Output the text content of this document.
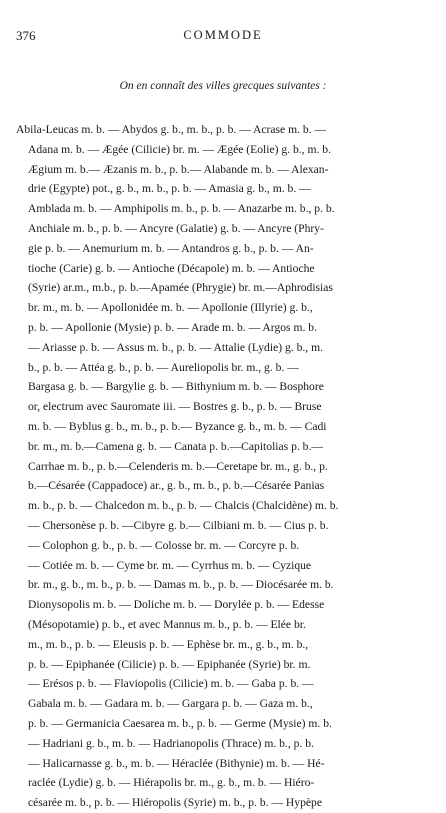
376	COMMODE
On en connaît des villes grecques suivantes :
Abila-Leucas m. b. — Abydos g. b., m. b., p. b. — Acrase m. b. —
Adana m. b. — Ægée (Cilicie) br. m. — Ægée (Eolie) g. b., m. b.
Ægium m. b.— Æzanis m. b., p. b.— Alabande m. b. — Alexan-
drie (Egypte) pot., g. b., m. b., p. b. — Amasia g. b., m. b. —
Amblada m. b. — Amphipolis m. b., p. b. — Anazarbe m. b., p. b.
Anchiale m. b., p. b. — Ancyre (Galatie) g. b. — Ancyre (Phry-
gie p. b. — Anemurium m. b. — Antandros g. b., p. b. — An-
tioche (Carie) g. b. — Antioche (Décapole) m. b. — Antioche
(Syrie) ar.m., m.b., p. b.—Apamée (Phrygie) br. m.—Aphrodisias
br. m., m. b. — Apollonidée m. b. — Apollonie (Illyrie) g. b.,
p. b. — Apollonie (Mysie) p. b. — Arade m. b. — Argos m. b.
— Ariasse p. b. — Assus m. b., p. b. — Attalie (Lydie) g. b., m.
b., p. b. — Attéa g. b., p. b. — Aureliopolis br. m., g. b. —
Bargasa g. b. — Bargylie g. b. — Bithynium m. b. — Bosphore
or, electrum avec Sauromate iii. — Bostres g. b., p. b. — Bruse
m. b. — Byblus g. b., m. b., p. b.— Byzance g. b., m. b. — Cadi
br. m., m. b.—Camena g. b. — Canata p. b.—Capitolias p. b.—
Carrhae m. b., p. b.—Celenderis m. b.—Ceretape br. m., g. b., p.
b.—Césarée (Cappadoce) ar., g. b., m. b., p. b.—Césarée Panias
m. b., p. b. — Chalcedon m. b., p. b. — Chalcis (Chalcidène) m. b.
— Chersonèse p. b. —Cibyre g. b.— Cilbiani m. b. — Cius p. b.
— Colophon g. b., p. b. — Colosse br. m. — Corcyre p. b.
— Cotiée m. b. — Cyme br. m. — Cyrrhus m. b. — Cyzique
br. m., g. b., m. b., p. b. — Damas m. b., p. b. — Diocésarée m. b.
Dionysopolis m. b. — Doliche m. b. — Dorylée p. b. — Edesse
(Mésopotamie) p. b., et avec Mannus m. b., p. b. — Elée br.
m., m. b., p. b. — Eleusis p. b. — Ephèse br. m., g. b., m. b.,
p. b. — Epiphanée (Cilicie) p. b. — Epiphanée (Syrie) br. m.
— Erésos p. b. — Flaviopolis (Cilicie) m. b. — Gaba p. b. —
Gabala m. b. — Gadara m. b. — Gargara p. b. — Gaza m. b.,
p. b. — Germanicia Caesarea m. b., p. b. — Germe (Mysie) m. b.
— Hadriani g. b., m. b. — Hadrianopolis (Thrace) m. b., p. b.
— Halicarnasse g. b., m. b. — Héraclée (Bithynie) m. b. — Hé-
raclée (Lydie) g. b. — Hiérapolis br. m., g. b., m. b. — Hiéro-
césarée m. b., p. b. — Hiéropolis (Syrie) m. b., p. b. — Hypèpe
